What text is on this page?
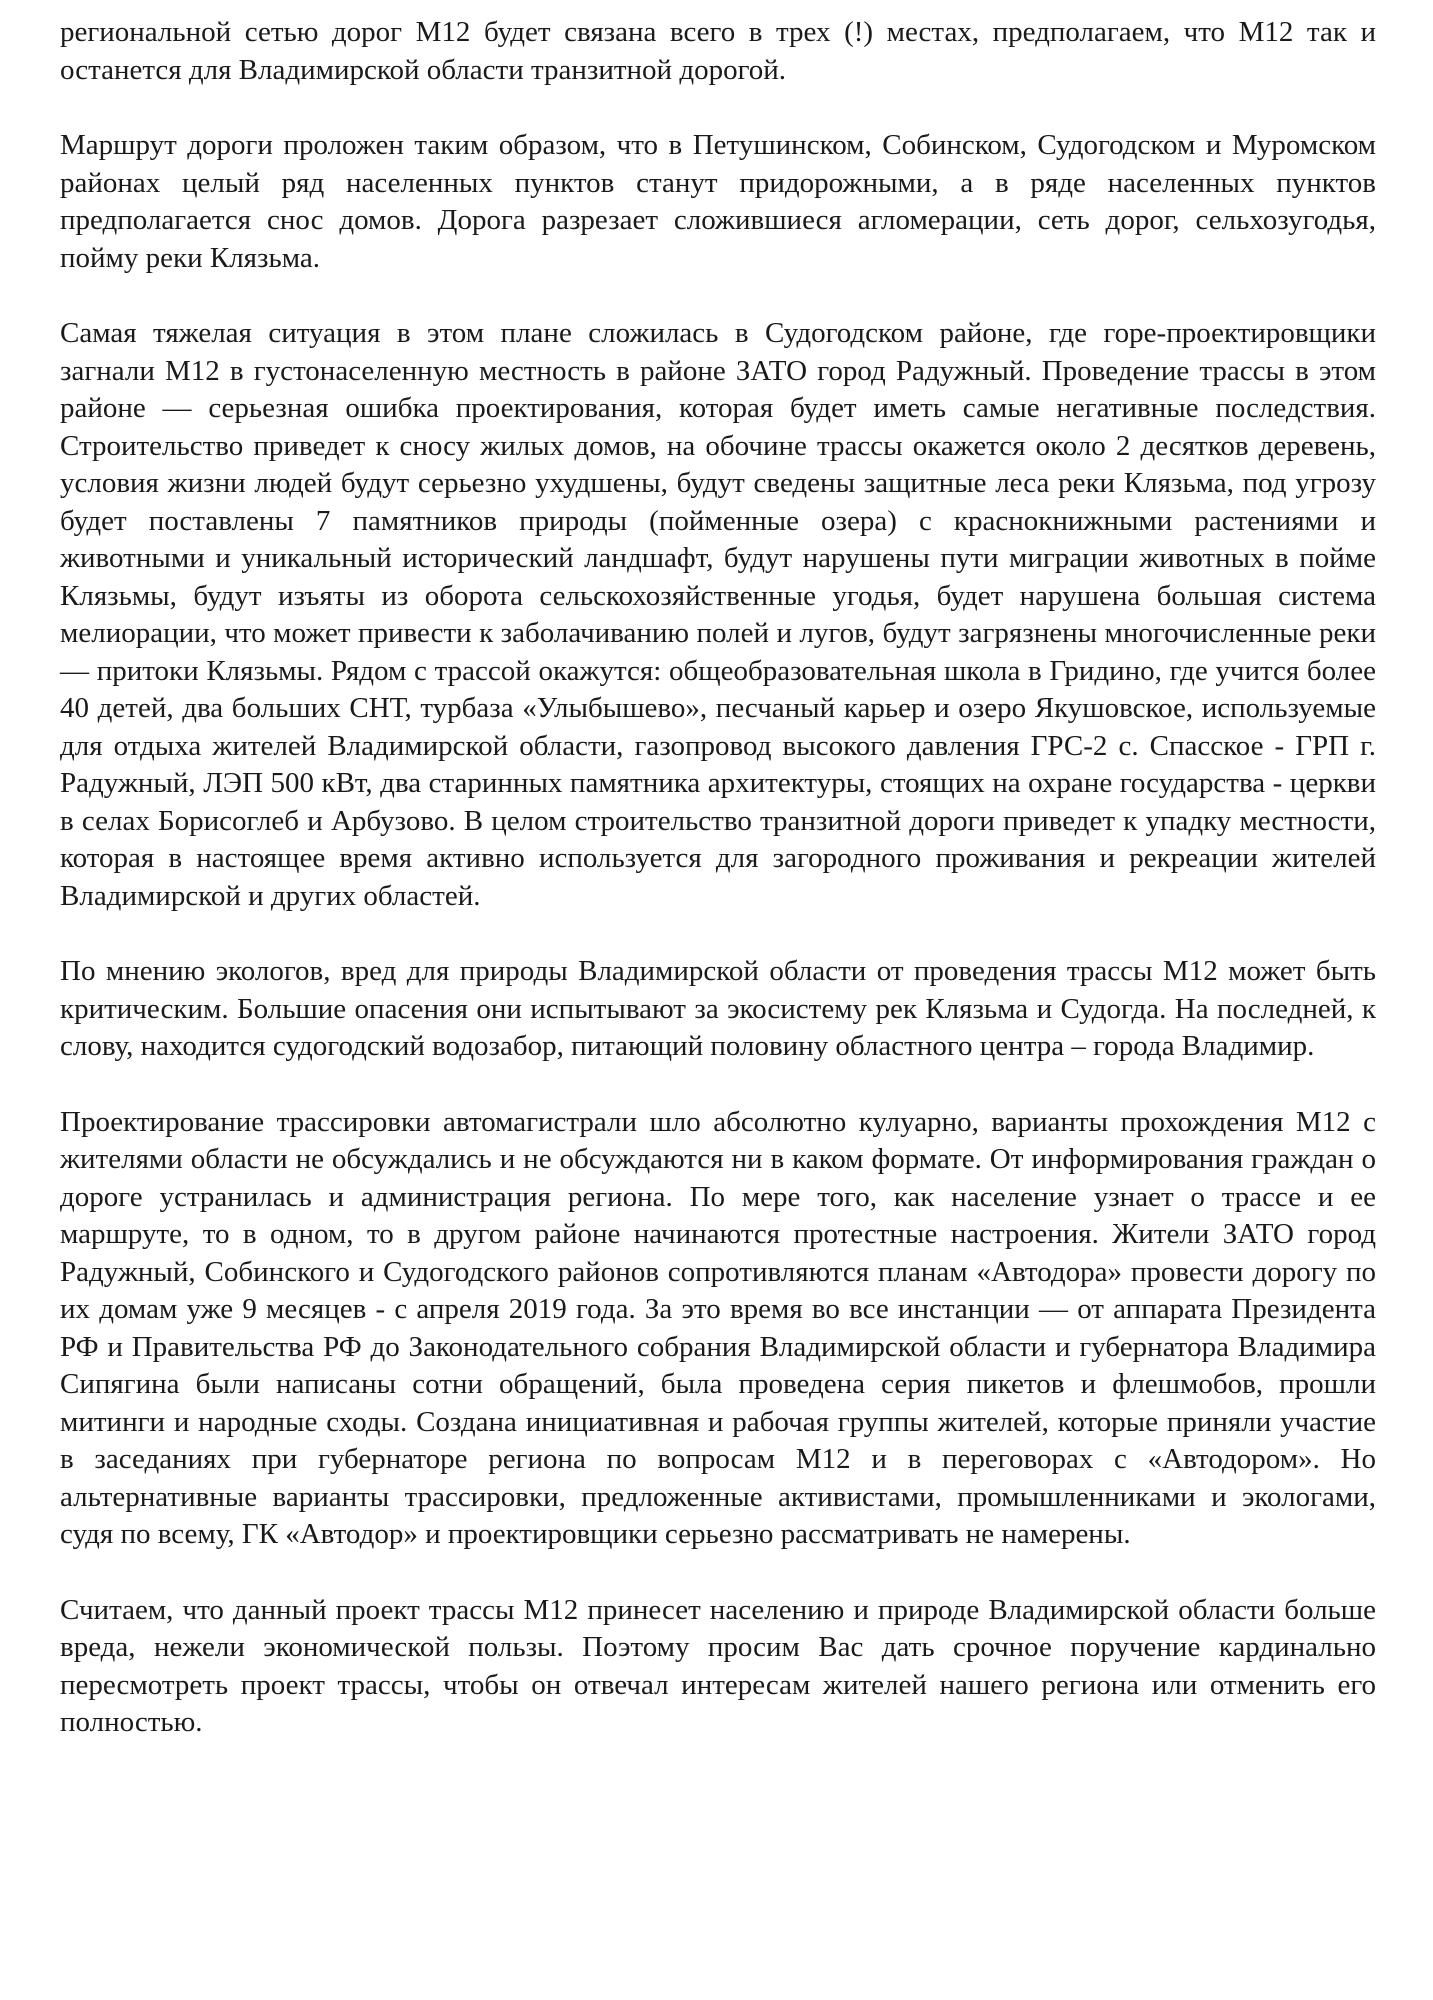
региональной сетью дорог М12 будет связана всего в трех (!) местах, предполагаем, что М12 так и останется для Владимирской области транзитной дорогой.

Маршрут дороги проложен таким образом, что в Петушинском, Собинском, Судогодском и Муромском районах целый ряд населенных пунктов станут придорожными, а в ряде населенных пунктов предполагается снос домов. Дорога разрезает сложившиеся агломерации, сеть дорог, сельхозугодья, пойму реки Клязьма.

Самая тяжелая ситуация в этом плане сложилась в Судогодском районе, где горе-проектировщики загнали М12 в густонаселенную местность в районе ЗАТО город Радужный. Проведение трассы в этом районе — серьезная ошибка проектирования, которая будет иметь самые негативные последствия. Строительство приведет к сносу жилых домов, на обочине трассы окажется около 2 десятков деревень, условия жизни людей будут серьезно ухудшены, будут сведены защитные леса реки Клязьма, под угрозу будет поставлены 7 памятников природы (пойменные озера) с краснокнижными растениями и животными и уникальный исторический ландшафт, будут нарушены пути миграции животных в пойме Клязьмы, будут изъяты из оборота сельскохозяйственные угодья, будет нарушена большая система мелиорации, что может привести к заболачиванию полей и лугов, будут загрязнены многочисленные реки — притоки Клязьмы. Рядом с трассой окажутся: общеобразовательная школа в Гридино, где учится более 40 детей, два больших СНТ, турбаза «Улыбышево», песчаный карьер и озеро Якушовское, используемые для отдыха жителей Владимирской области, газопровод высокого давления ГРС-2 с. Спасское - ГРП г. Радужный, ЛЭП 500 кВт, два старинных памятника архитектуры, стоящих на охране государства - церкви в селах Борисоглеб и Арбузово. В целом строительство транзитной дороги приведет к упадку местности, которая в настоящее время активно используется для загородного проживания и рекреации жителей Владимирской и других областей.

По мнению экологов, вред для природы Владимирской области от проведения трассы М12 может быть критическим. Большие опасения они испытывают за экосистему рек Клязьма и Судогда. На последней, к слову, находится судогодский водозабор, питающий половину областного центра – города Владимир.

Проектирование трассировки автомагистрали шло абсолютно кулуарно, варианты прохождения М12 с жителями области не обсуждались и не обсуждаются ни в каком формате. От информирования граждан о дороге устранилась и администрация региона. По мере того, как население узнает о трассе и ее маршруте, то в одном, то в другом районе начинаются протестные настроения. Жители ЗАТО город Радужный, Собинского и Судогодского районов сопротивляются планам «Автодора» провести дорогу по их домам уже 9 месяцев - с апреля 2019 года. За это время во все инстанции — от аппарата Президента РФ и Правительства РФ до Законодательного собрания Владимирской области и губернатора Владимира Сипягина были написаны сотни обращений, была проведена серия пикетов и флешмобов, прошли митинги и народные сходы. Создана инициативная и рабочая группы жителей, которые приняли участие в заседаниях при губернаторе региона по вопросам М12 и в переговорах с «Автодором». Но альтернативные варианты трассировки, предложенные активистами, промышленниками и экологами, судя по всему, ГК «Автодор» и проектировщики серьезно рассматривать не намерены.

Считаем, что данный проект трассы М12 принесет населению и природе Владимирской области больше вреда, нежели экономической пользы. Поэтому просим Вас дать срочное поручение кардинально пересмотреть проект трассы, чтобы он отвечал интересам жителей нашего региона или отменить его полностью.
